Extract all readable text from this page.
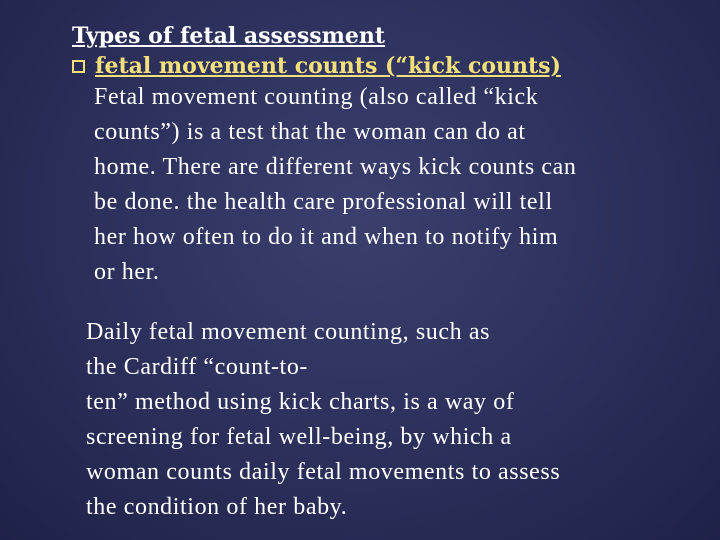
Types of fetal assessment
fetal movement counts (“kick counts)

Fetal movement counting (also called “kick
counts”) is a test that the woman can do at
home. There are different ways kick counts can
be done. the health care professional will tell
her how often to do it and when to notify him
or her.

Daily fetal movement counting, such as
the Cardiff “count-to-
ten” method using kick charts, is a way of
screening for fetal well-being, by which a
woman counts daily fetal movements to assess
the condition of her baby.
